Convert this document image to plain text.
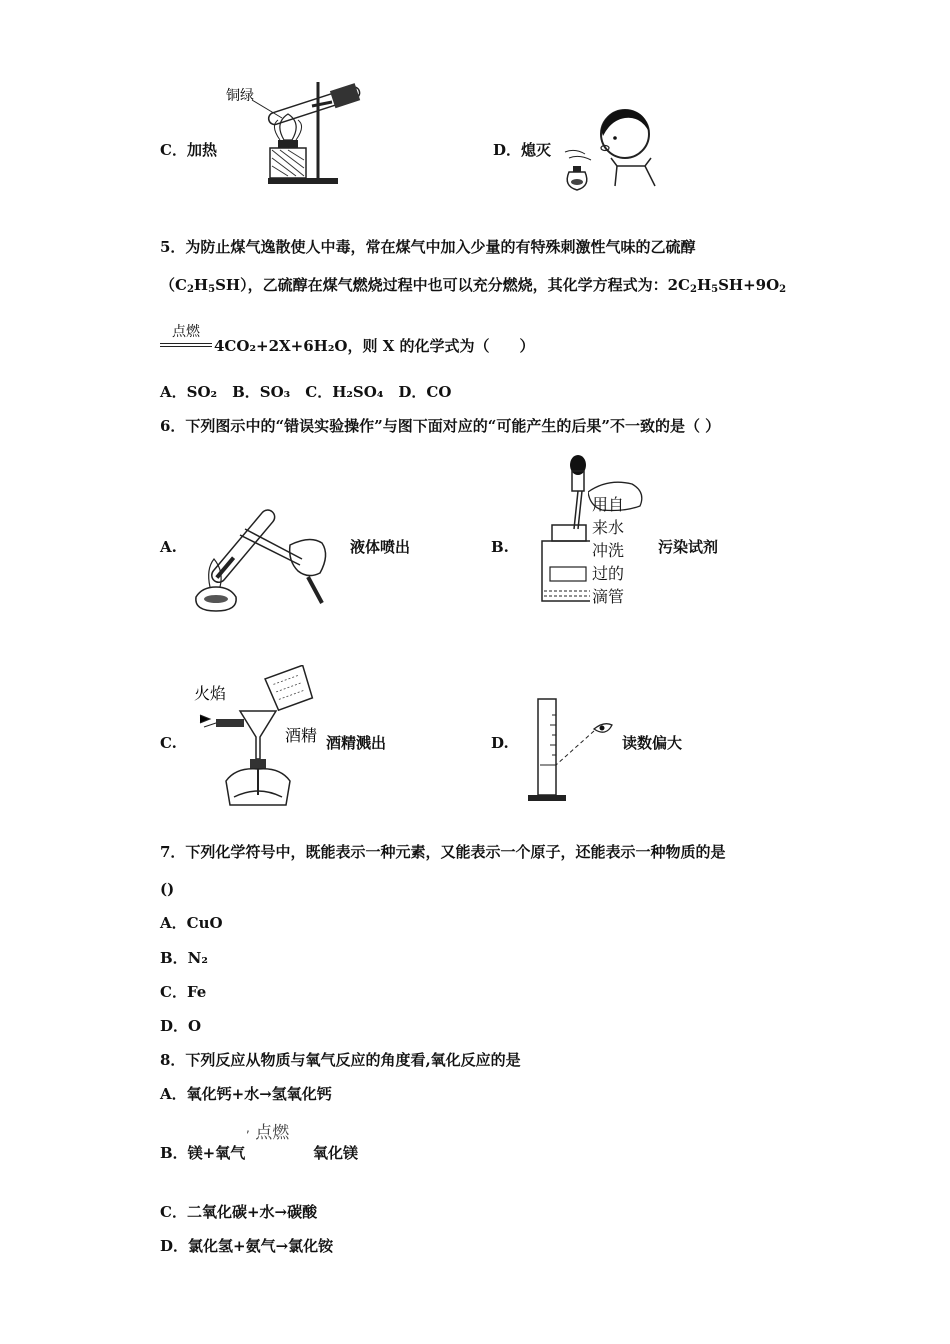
C．加热
铜绿
D．熄灭
5．为防止煤气逸散使人中毒，常在煤气中加入少量的有特殊刺激性气味的乙硫醇
$(C_2H_5SH)$，乙硫醇在煤气燃烧过程中也可以充分燃烧，其化学方程式为：$2C_2H_5SH+9O_2$
点燃
4CO₂+2X+6H₂O，则 X 的化学式为（　　）
A．SO₂　B．SO₃　C．H₂SO₄　D．CO
6．下列图示中的“错误实验操作”与图下面对应的“可能产生的后果”不一致的是（ ）
A.	液体喷出	B.
用自
来水
冲洗
过的
滴管
污染试剂
C.
火焰
酒精 酒精溅出	D.	读数偏大
7．下列化学符号中，既能表示一种元素，又能表示一个原子，还能表示一种物质的是
()
A．CuO
B．N₂
C．Fe
D．O
8．下列反应从物质与氧气反应的角度看,氧化反应的是
A．氧化钙+水→氢氧化钙
, 点燃
B．镁+氧气	氧化镁
C．二氧化碳+水→碳酸
D．氯化氢+氨气→氯化铵
